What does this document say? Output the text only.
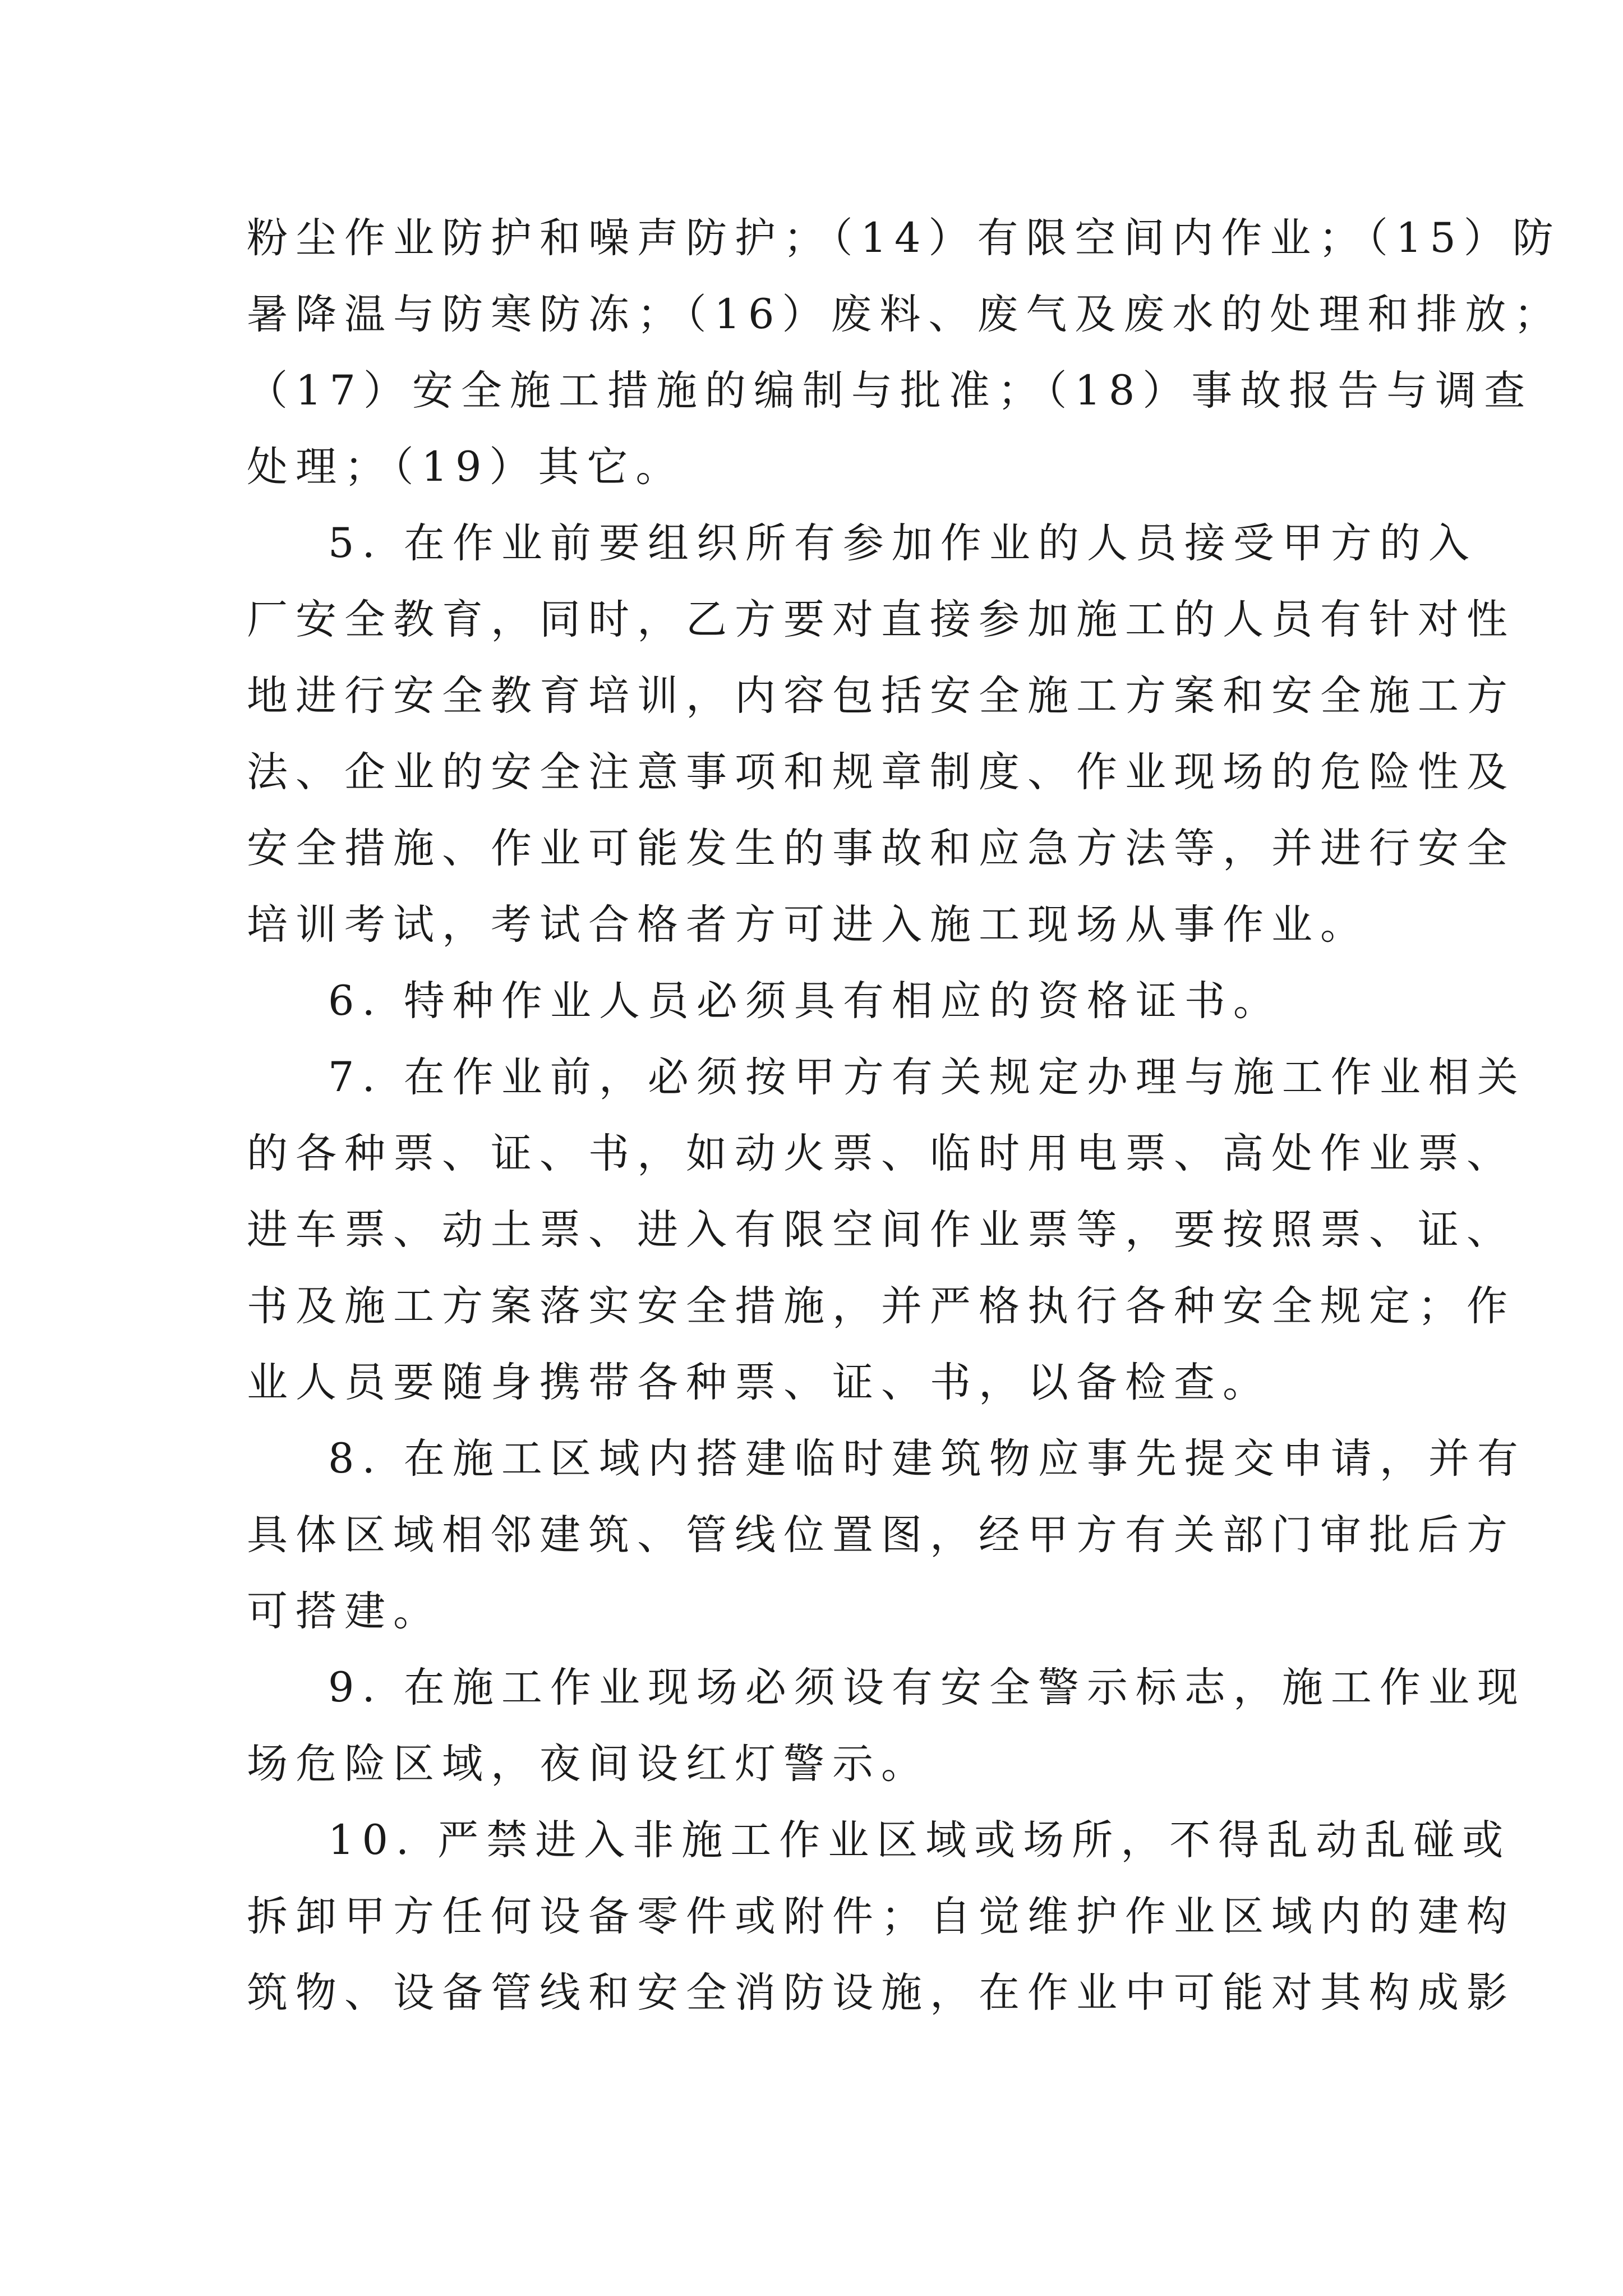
粉尘作业防护和噪声防护；（14）有限空间内作业；（15）防

暑降温与防寒防冻；（16）废料、废气及废水的处理和排放；

（17）安全施工措施的编制与批准；（18）事故报告与调查

处理；（19）其它。

5. 在作业前要组织所有参加作业的人员接受甲方的入

厂安全教育，同时，乙方要对直接参加施工的人员有针对性

地进行安全教育培训，内容包括安全施工方案和安全施工方

法、企业的安全注意事项和规章制度、作业现场的危险性及

安全措施、作业可能发生的事故和应急方法等，并进行安全

培训考试，考试合格者方可进入施工现场从事作业。

6. 特种作业人员必须具有相应的资格证书。

7. 在作业前，必须按甲方有关规定办理与施工作业相关

的各种票、证、书，如动火票、临时用电票、高处作业票、

进车票、动土票、进入有限空间作业票等，要按照票、证、

书及施工方案落实安全措施，并严格执行各种安全规定；作

业人员要随身携带各种票、证、书，以备检查。

8. 在施工区域内搭建临时建筑物应事先提交申请，并有

具体区域相邻建筑、管线位置图，经甲方有关部门审批后方

可搭建。

9. 在施工作业现场必须设有安全警示标志，施工作业现

场危险区域，夜间设红灯警示。

10. 严禁进入非施工作业区域或场所，不得乱动乱碰或

拆卸甲方任何设备零件或附件；自觉维护作业区域内的建构

筑物、设备管线和安全消防设施，在作业中可能对其构成影
